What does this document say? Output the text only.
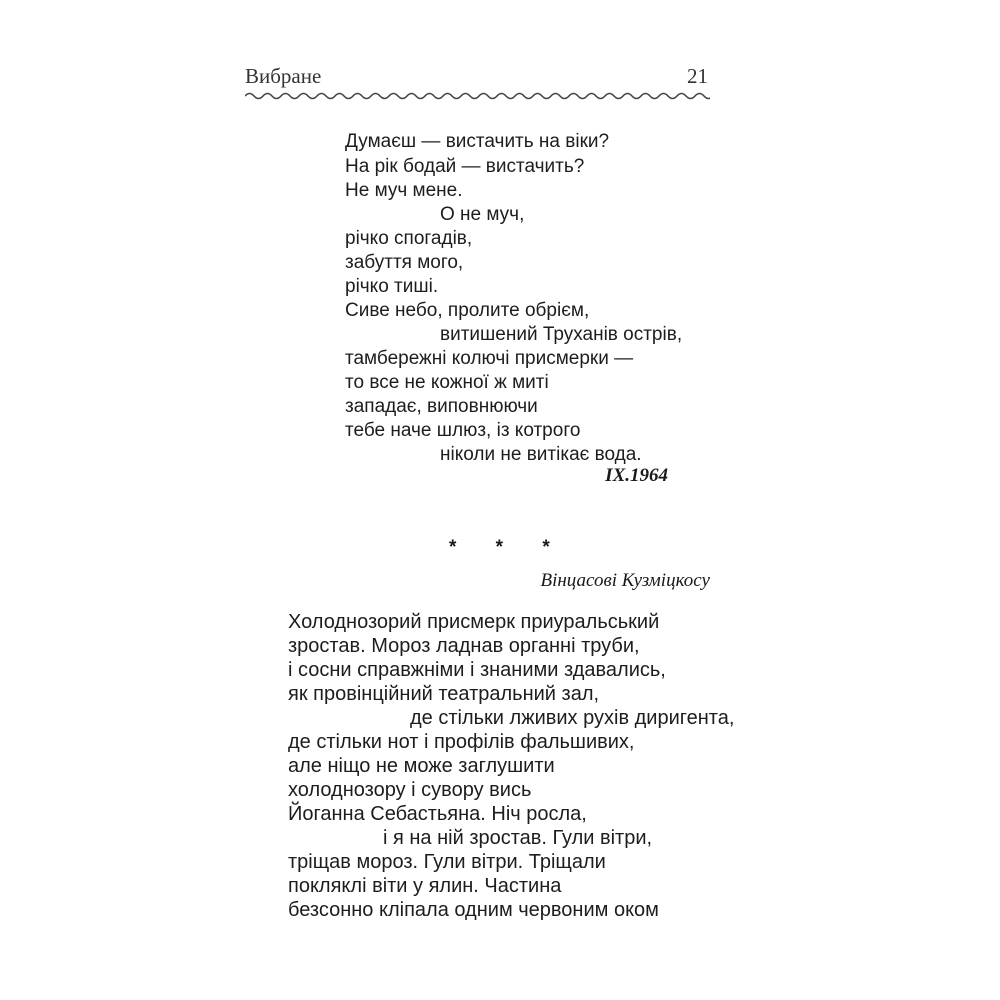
Вибране	21
Думаєш — вистачить на віки?
На рік бодай — вистачить?
Не муч мене.
О не муч,
річко спогадів,
забуття мого,
річко тиші.
Сиве небо, пролите обрієм,
витишений Труханів острів,
тамбережні колючі присмерки —
то все не кожної ж миті
западає, виповнюючи
тебе наче шлюз, із котрого
ніколи не витікає вода.
IX.1964
* * *
Вінцасові Кузміцкосу
Холоднозорий присмерк приуральський
зростав. Мороз ладнав органні труби,
і сосни справжніми і знаними здавались,
як провінційний театральний зал,
де стільки лживих рухів диригента,
де стільки нот і профілів фальшивих,
але ніщо не може заглушити
холоднозору і сувору вись
Йоганна Себастьяна. Ніч росла,
і я на ній зростав. Гули вітри,
тріщав мороз. Гули вітри. Тріщали
покляклі віти у ялин. Частина
безсонно кліпала одним червоним оком
